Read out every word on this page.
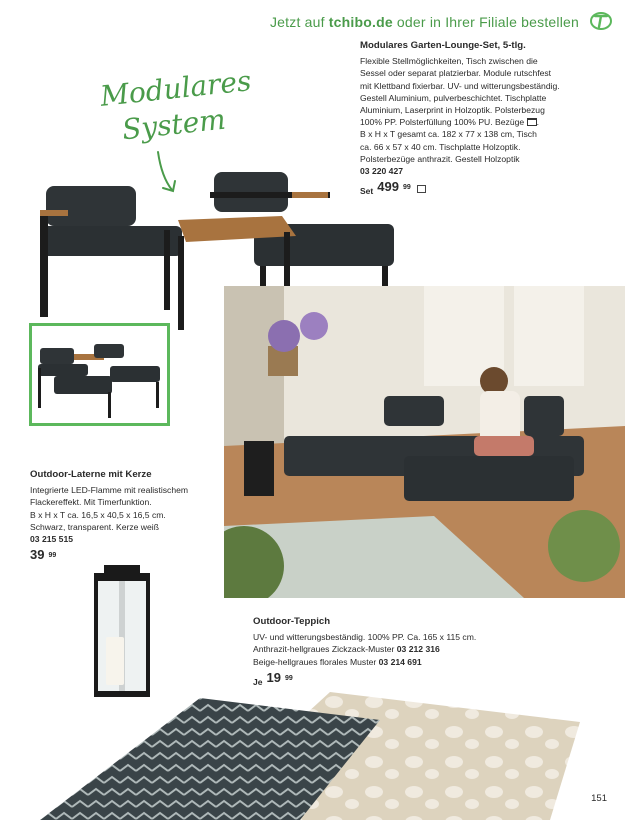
Jetzt auf tchibo.de oder in Ihrer Filiale bestellen
Modulares
System
Modulares Garten-Lounge-Set, 5-tlg.
Flexible Stellmöglichkeiten, Tisch zwischen die
Sessel oder separat platzierbar. Module rutschfest
mit Klettband fixierbar. UV- und witterungsbeständig.
Gestell Aluminium, pulverbeschichtet. Tischplatte
Aluminium, Laserprint in Holzoptik. Polsterbezug
100% PP. Polsterfüllung 100% PU. Bezüge .
B x H x T gesamt ca. 182 x 77 x 138 cm, Tisch
ca. 66 x 57 x 40 cm. Tischplatte Holzoptik.
Polsterbezüge anthrazit. Gestell Holzoptik
03 220 427
Set 499 99
Outdoor-Laterne mit Kerze
Integrierte LED-Flamme mit realistischem
Flackereffekt. Mit Timerfunktion.
B x H x T ca. 16,5 x 40,5 x 16,5 cm.
Schwarz, transparent. Kerze weiß
03 215 515
39 99
Outdoor-Teppich
UV- und witterungsbeständig. 100% PP. Ca. 165 x 115 cm.
Anthrazit-hellgraues Zickzack-Muster 03 212 316
Beige-hellgraues florales Muster 03 214 691
Je 19 99
151
